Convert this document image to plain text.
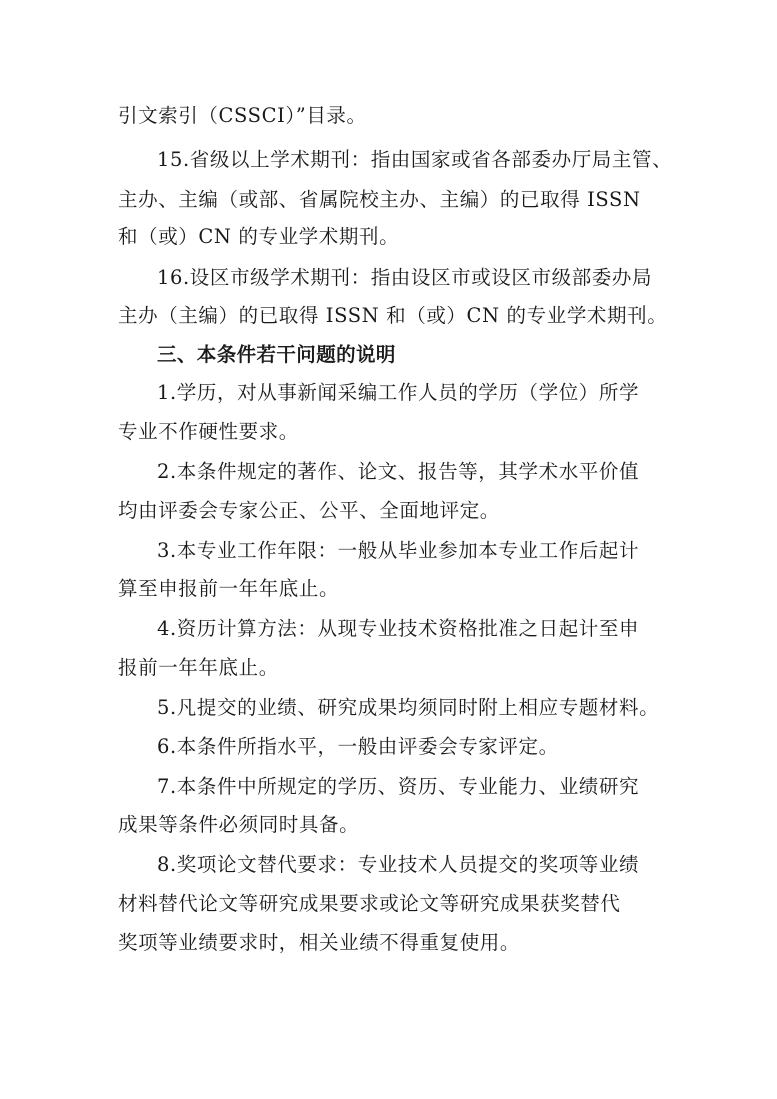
引文索引（CSSCI）”目录。
15.省级以上学术期刊：指由国家或省各部委办厅局主管、
主办、主编（或部、省属院校主办、主编）的已取得 ISSN
和（或）CN 的专业学术期刊。
16.设区市级学术期刊：指由设区市或设区市级部委办局
主办（主编）的已取得 ISSN 和（或）CN 的专业学术期刊。
三、本条件若干问题的说明
1.学历，对从事新闻采编工作人员的学历（学位）所学
专业不作硬性要求。
2.本条件规定的著作、论文、报告等，其学术水平价值
均由评委会专家公正、公平、全面地评定。
3.本专业工作年限：一般从毕业参加本专业工作后起计
算至申报前一年年底止。
4.资历计算方法：从现专业技术资格批准之日起计至申
报前一年年底止。
5.凡提交的业绩、研究成果均须同时附上相应专题材料。
6.本条件所指水平，一般由评委会专家评定。
7.本条件中所规定的学历、资历、专业能力、业绩研究
成果等条件必须同时具备。
8.奖项论文替代要求：专业技术人员提交的奖项等业绩
材料替代论文等研究成果要求或论文等研究成果获奖替代
奖项等业绩要求时，相关业绩不得重复使用。
